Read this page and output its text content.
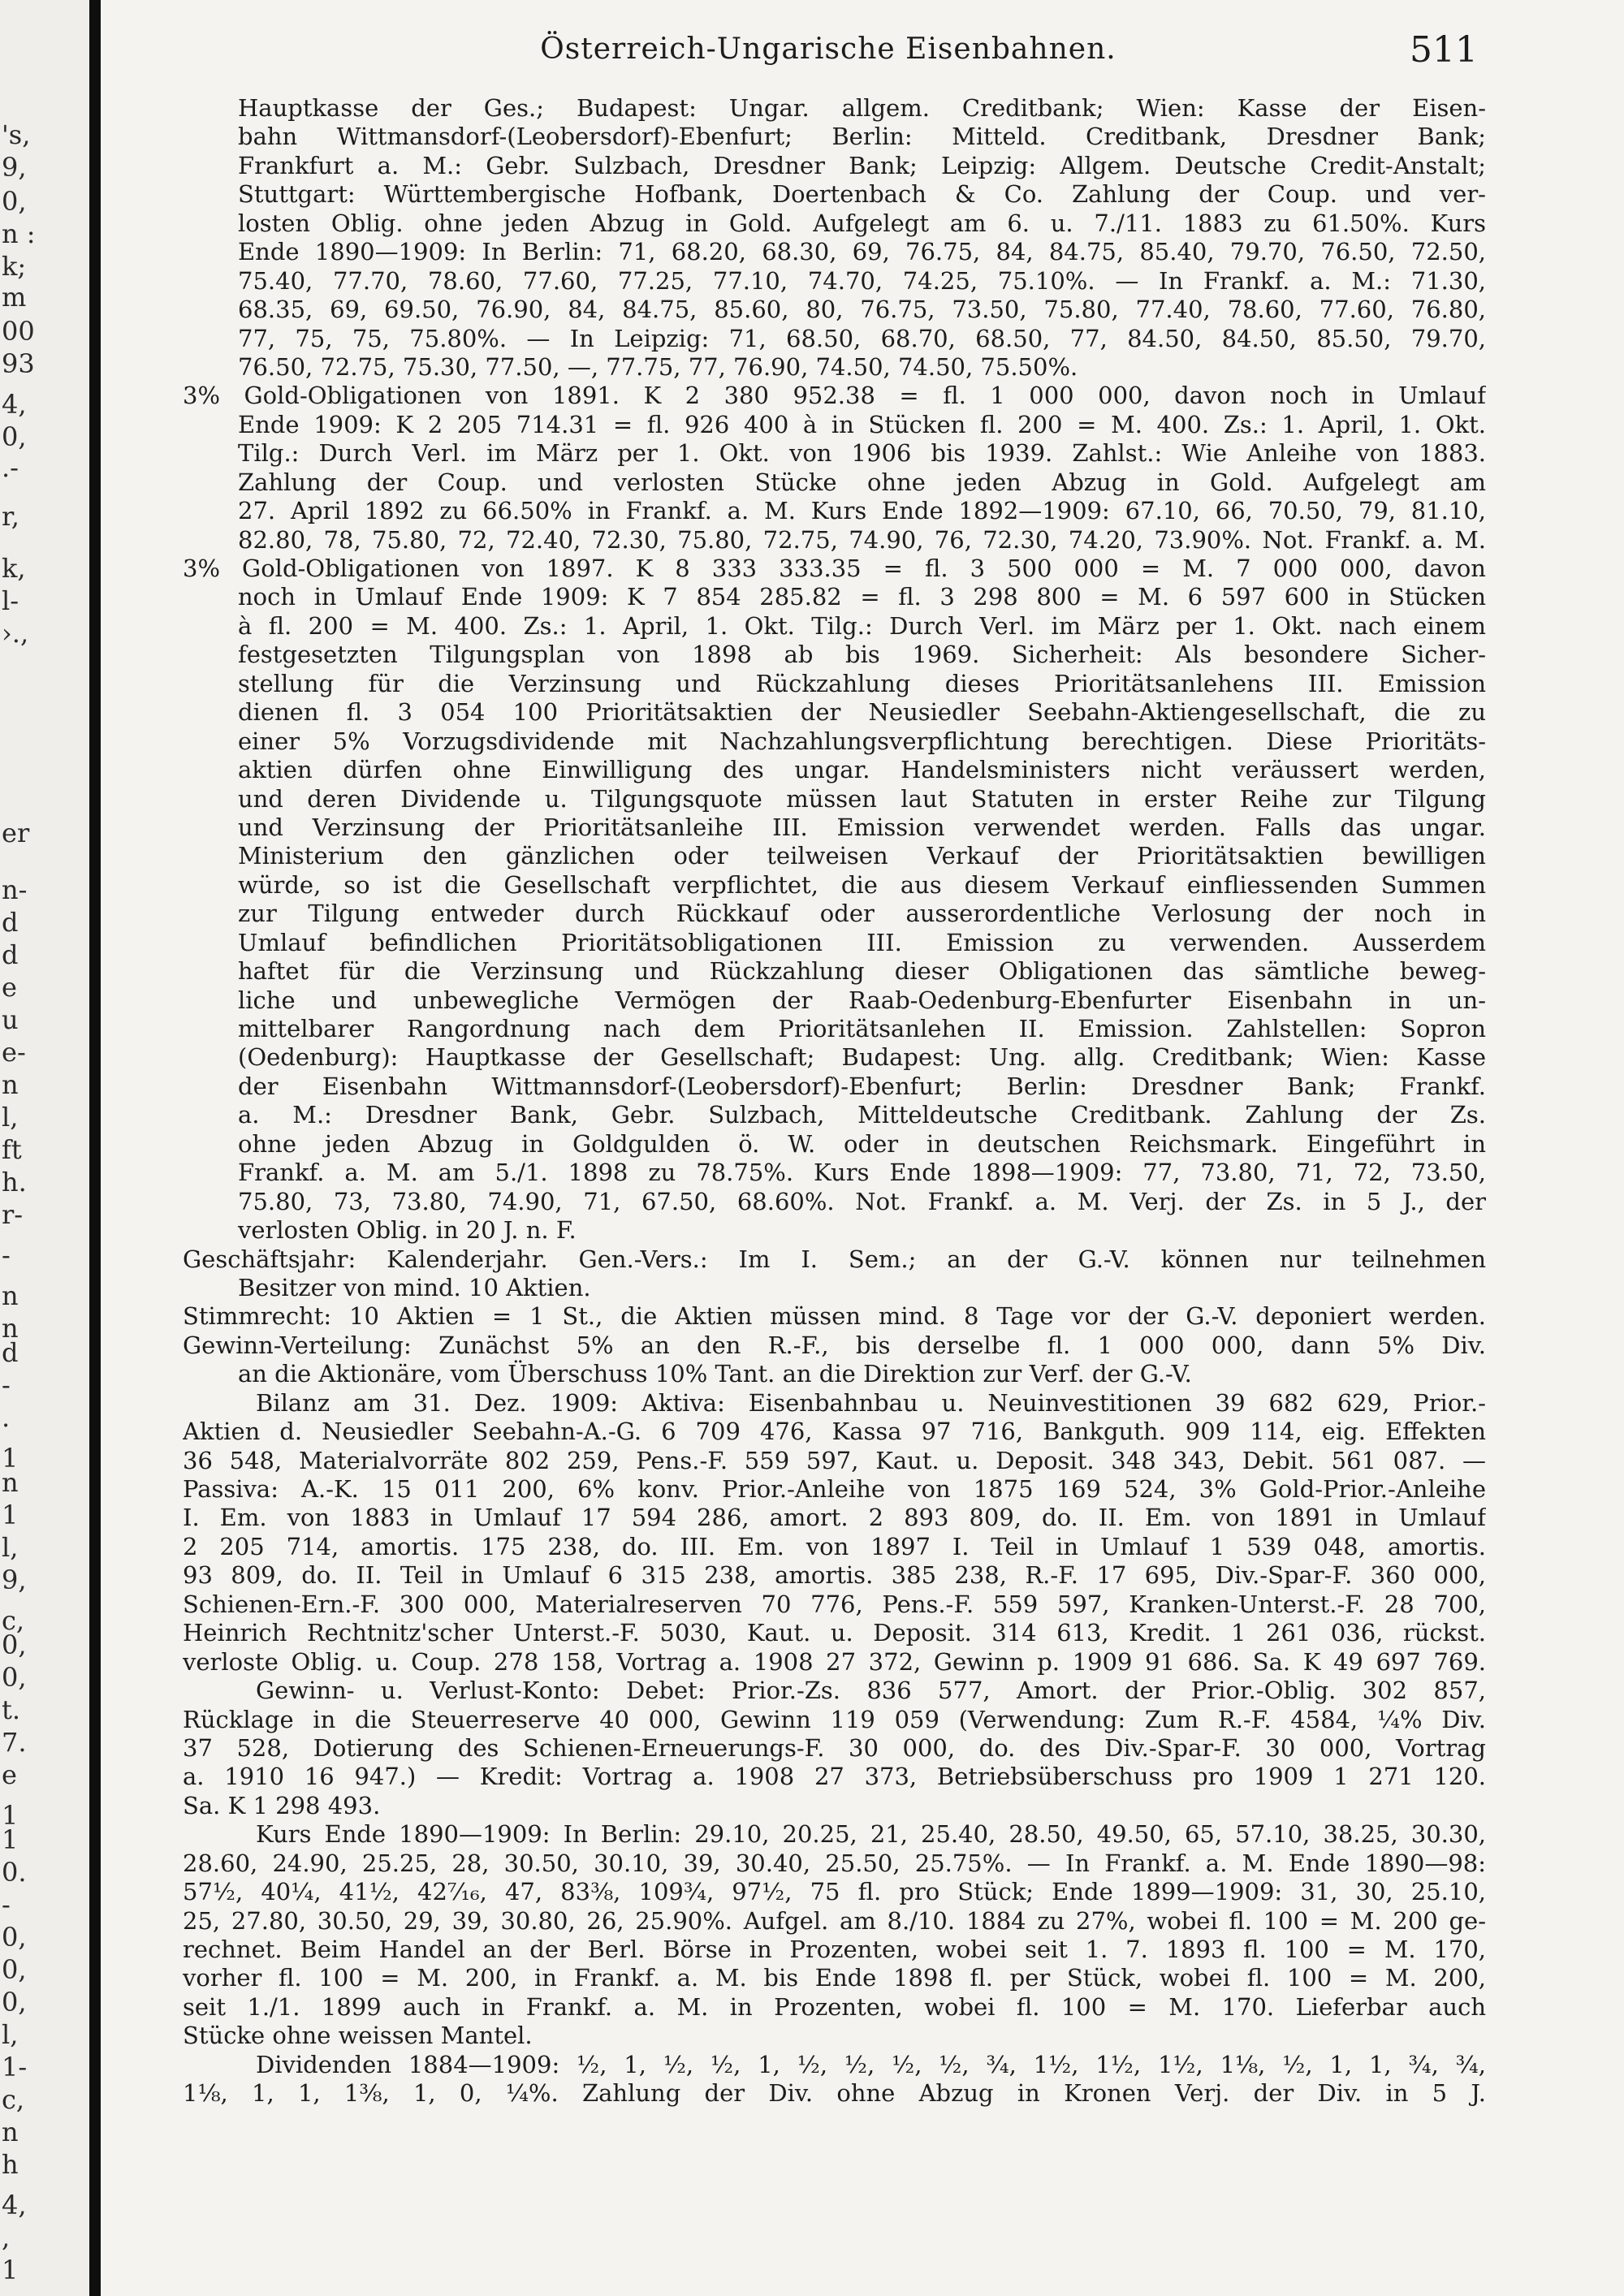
's,
9,
0,
n :
k;
m
00
93
4,
0,
.-
r,
k,
l-
›.,
er
n-
d
d
e
u
e-
n
l,
ft
h.
r-
-
n
n
d
-
.
1
n
1
l,
9,
c,
0,
0,
t.
7.
e
1
1
0.
-
0,
0,
0,
l,
1-
c,
n
h
4,
,
1
Österreich-Ungarische Eisenbahnen.	511
Hauptkasse der Ges.; Budapest: Ungar. allgem. Creditbank; Wien: Kasse der Eisen-
bahn Wittmansdorf-(Leobersdorf)-Ebenfurt; Berlin: Mitteld. Creditbank, Dresdner Bank;
Frankfurt a. M.: Gebr. Sulzbach, Dresdner Bank; Leipzig: Allgem. Deutsche Credit-Anstalt;
Stuttgart: Württembergische Hofbank, Doertenbach & Co. Zahlung der Coup. und ver-
losten Oblig. ohne jeden Abzug in Gold. Aufgelegt am 6. u. 7./11. 1883 zu 61.50%. Kurs
Ende 1890—1909: In Berlin: 71, 68.20, 68.30, 69, 76.75, 84, 84.75, 85.40, 79.70, 76.50, 72.50,
75.40, 77.70, 78.60, 77.60, 77.25, 77.10, 74.70, 74.25, 75.10%. — In Frankf. a. M.: 71.30,
68.35, 69, 69.50, 76.90, 84, 84.75, 85.60, 80, 76.75, 73.50, 75.80, 77.40, 78.60, 77.60, 76.80,
77, 75, 75, 75.80%. — In Leipzig: 71, 68.50, 68.70, 68.50, 77, 84.50, 84.50, 85.50, 79.70,
76.50, 72.75, 75.30, 77.50, —, 77.75, 77, 76.90, 74.50, 74.50, 75.50%.
3% Gold-Obligationen von 1891. K 2 380 952.38 = fl. 1 000 000, davon noch in Umlauf
Ende 1909: K 2 205 714.31 = fl. 926 400 à in Stücken fl. 200 = M. 400. Zs.: 1. April, 1. Okt.
Tilg.: Durch Verl. im März per 1. Okt. von 1906 bis 1939. Zahlst.: Wie Anleihe von 1883.
Zahlung der Coup. und verlosten Stücke ohne jeden Abzug in Gold. Aufgelegt am
27. April 1892 zu 66.50% in Frankf. a. M. Kurs Ende 1892—1909: 67.10, 66, 70.50, 79, 81.10,
82.80, 78, 75.80, 72, 72.40, 72.30, 75.80, 72.75, 74.90, 76, 72.30, 74.20, 73.90%. Not. Frankf. a. M.
3% Gold-Obligationen von 1897. K 8 333 333.35 = fl. 3 500 000 = M. 7 000 000, davon
noch in Umlauf Ende 1909: K 7 854 285.82 = fl. 3 298 800 = M. 6 597 600 in Stücken
à fl. 200 = M. 400. Zs.: 1. April, 1. Okt. Tilg.: Durch Verl. im März per 1. Okt. nach einem
festgesetzten Tilgungsplan von 1898 ab bis 1969. Sicherheit: Als besondere Sicher-
stellung für die Verzinsung und Rückzahlung dieses Prioritätsanlehens III. Emission
dienen fl. 3 054 100 Prioritätsaktien der Neusiedler Seebahn-Aktiengesellschaft, die zu
einer 5% Vorzugsdividende mit Nachzahlungsverpflichtung berechtigen. Diese Prioritäts-
aktien dürfen ohne Einwilligung des ungar. Handelsministers nicht veräussert werden,
und deren Dividende u. Tilgungsquote müssen laut Statuten in erster Reihe zur Tilgung
und Verzinsung der Prioritätsanleihe III. Emission verwendet werden. Falls das ungar.
Ministerium den gänzlichen oder teilweisen Verkauf der Prioritätsaktien bewilligen
würde, so ist die Gesellschaft verpflichtet, die aus diesem Verkauf einfliessenden Summen
zur Tilgung entweder durch Rückkauf oder ausserordentliche Verlosung der noch in
Umlauf befindlichen Prioritätsobligationen III. Emission zu verwenden. Ausserdem
haftet für die Verzinsung und Rückzahlung dieser Obligationen das sämtliche beweg-
liche und unbewegliche Vermögen der Raab-Oedenburg-Ebenfurter Eisenbahn in un-
mittelbarer Rangordnung nach dem Prioritätsanlehen II. Emission. Zahlstellen: Sopron
(Oedenburg): Hauptkasse der Gesellschaft; Budapest: Ung. allg. Creditbank; Wien: Kasse
der Eisenbahn Wittmannsdorf-(Leobersdorf)-Ebenfurt; Berlin: Dresdner Bank; Frankf.
a. M.: Dresdner Bank, Gebr. Sulzbach, Mitteldeutsche Creditbank. Zahlung der Zs.
ohne jeden Abzug in Goldgulden ö. W. oder in deutschen Reichsmark. Eingeführt in
Frankf. a. M. am 5./1. 1898 zu 78.75%. Kurs Ende 1898—1909: 77, 73.80, 71, 72, 73.50,
75.80, 73, 73.80, 74.90, 71, 67.50, 68.60%. Not. Frankf. a. M. Verj. der Zs. in 5 J., der
verlosten Oblig. in 20 J. n. F.
Geschäftsjahr: Kalenderjahr. Gen.-Vers.: Im I. Sem.; an der G.-V. können nur teilnehmen
Besitzer von mind. 10 Aktien.
Stimmrecht: 10 Aktien = 1 St., die Aktien müssen mind. 8 Tage vor der G.-V. deponiert werden.
Gewinn-Verteilung: Zunächst 5% an den R.-F., bis derselbe fl. 1 000 000, dann 5% Div.
an die Aktionäre, vom Überschuss 10% Tant. an die Direktion zur Verf. der G.-V.
Bilanz am 31. Dez. 1909: Aktiva: Eisenbahnbau u. Neuinvestitionen 39 682 629, Prior.-
Aktien d. Neusiedler Seebahn-A.-G. 6 709 476, Kassa 97 716, Bankguth. 909 114, eig. Effekten
36 548, Materialvorräte 802 259, Pens.-F. 559 597, Kaut. u. Deposit. 348 343, Debit. 561 087. —
Passiva: A.-K. 15 011 200, 6% konv. Prior.-Anleihe von 1875 169 524, 3% Gold-Prior.-Anleihe
I. Em. von 1883 in Umlauf 17 594 286, amort. 2 893 809, do. II. Em. von 1891 in Umlauf
2 205 714, amortis. 175 238, do. III. Em. von 1897 I. Teil in Umlauf 1 539 048, amortis.
93 809, do. II. Teil in Umlauf 6 315 238, amortis. 385 238, R.-F. 17 695, Div.-Spar-F. 360 000,
Schienen-Ern.-F. 300 000, Materialreserven 70 776, Pens.-F. 559 597, Kranken-Unterst.-F. 28 700,
Heinrich Rechtnitz'scher Unterst.-F. 5030, Kaut. u. Deposit. 314 613, Kredit. 1 261 036, rückst.
verloste Oblig. u. Coup. 278 158, Vortrag a. 1908 27 372, Gewinn p. 1909 91 686. Sa. K 49 697 769.
Gewinn- u. Verlust-Konto: Debet: Prior.-Zs. 836 577, Amort. der Prior.-Oblig. 302 857,
Rücklage in die Steuerreserve 40 000, Gewinn 119 059 (Verwendung: Zum R.-F. 4584, ¼% Div.
37 528, Dotierung des Schienen-Erneuerungs-F. 30 000, do. des Div.-Spar-F. 30 000, Vortrag
a. 1910 16 947.) — Kredit: Vortrag a. 1908 27 373, Betriebsüberschuss pro 1909 1 271 120.
Sa. K 1 298 493.
Kurs Ende 1890—1909: In Berlin: 29.10, 20.25, 21, 25.40, 28.50, 49.50, 65, 57.10, 38.25, 30.30,
28.60, 24.90, 25.25, 28, 30.50, 30.10, 39, 30.40, 25.50, 25.75%. — In Frankf. a. M. Ende 1890—98:
57½, 40¼, 41½, 42⁷⁄₁₆, 47, 83⅜, 109¾, 97½, 75 fl. pro Stück; Ende 1899—1909: 31, 30, 25.10,
25, 27.80, 30.50, 29, 39, 30.80, 26, 25.90%. Aufgel. am 8./10. 1884 zu 27%, wobei fl. 100 = M. 200 ge-
rechnet. Beim Handel an der Berl. Börse in Prozenten, wobei seit 1. 7. 1893 fl. 100 = M. 170,
vorher fl. 100 = M. 200, in Frankf. a. M. bis Ende 1898 fl. per Stück, wobei fl. 100 = M. 200,
seit 1./1. 1899 auch in Frankf. a. M. in Prozenten, wobei fl. 100 = M. 170. Lieferbar auch
Stücke ohne weissen Mantel.
Dividenden 1884—1909: ½, 1, ½, ½, 1, ½, ½, ½, ½, ¾, 1½, 1½, 1½, 1⅛, ½, 1, 1, ¾, ¾,
1⅛, 1, 1, 1⅜, 1, 0, ¼%. Zahlung der Div. ohne Abzug in Kronen Verj. der Div. in 5 J.
